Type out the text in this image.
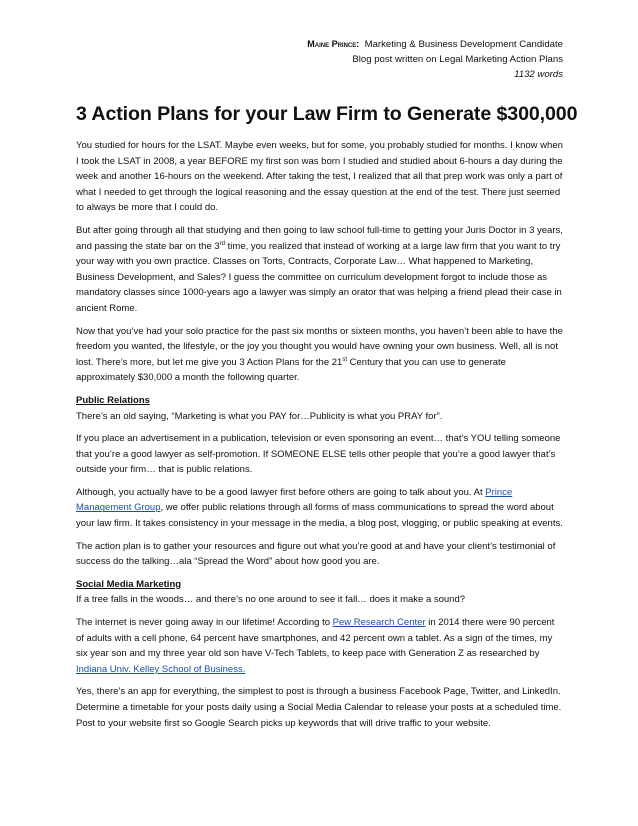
Maine Prince: Marketing & Business Development Candidate
Blog post written on Legal Marketing Action Plans
1132 words
3 Action Plans for your Law Firm to Generate $300,000

You studied for hours for the LSAT. Maybe even weeks, but for some, you probably studied for months. I know when I took the LSAT in 2008, a year BEFORE my first son was born I studied and studied about 6-hours a day during the week and another 16-hours on the weekend. After taking the test, I realized that all that prep work was only a part of what I needed to get through the logical reasoning and the essay question at the end of the test. There just seemed to always be more that I could do.

But after going through all that studying and then going to law school full-time to getting your Juris Doctor in 3 years, and passing the state bar on the 3rd time, you realized that instead of working at a large law firm that you want to try your way with you own practice. Classes on Torts, Contracts, Corporate Law… What happened to Marketing, Business Development, and Sales? I guess the committee on curriculum development forgot to include those as mandatory classes since 1000-years ago a lawyer was simply an orator that was helping a friend plead their case in ancient Rome.

Now that you’ve had your solo practice for the past six months or sixteen months, you haven’t been able to have the freedom you wanted, the lifestyle, or the joy you thought you would have owning your own business. Well, all is not lost. There’s more, but let me give you 3 Action Plans for the 21st Century that you can use to generate approximately $30,000 a month the following quarter.

Public Relations

There’s an old saying, “Marketing is what you PAY for…Publicity is what you PRAY for”.

If you place an advertisement in a publication, television or even sponsoring an event… that’s YOU telling someone that you’re a good lawyer as self-promotion. If SOMEONE ELSE tells other people that you’re a good lawyer that’s outside your firm… that is public relations.

Although, you actually have to be a good lawyer first before others are going to talk about you. At Prince Management Group, we offer public relations through all forms of mass communications to spread the word about your law firm. It takes consistency in your message in the media, a blog post, vlogging, or public speaking at events.

The action plan is to gather your resources and figure out what you’re good at and have your client’s testimonial of success do the talking…ala “Spread the Word” about how good you are.

Social Media Marketing

If a tree falls in the woods… and there’s no one around to see it fall… does it make a sound?

The internet is never going away in our lifetime! According to Pew Research Center in 2014 there were 90 percent of adults with a cell phone, 64 percent have smartphones, and 42 percent own a tablet. As a sign of the times, my six year son and my three year old son have V-Tech Tablets, to keep pace with Generation Z as researched by Indiana Univ. Kelley School of Business.

Yes, there’s an app for everything, the simplest to post is through a business Facebook Page, Twitter, and LinkedIn. Determine a timetable for your posts daily using a Social Media Calendar to release your posts at a scheduled time. Post to your website first so Google Search picks up keywords that will drive traffic to your website.
